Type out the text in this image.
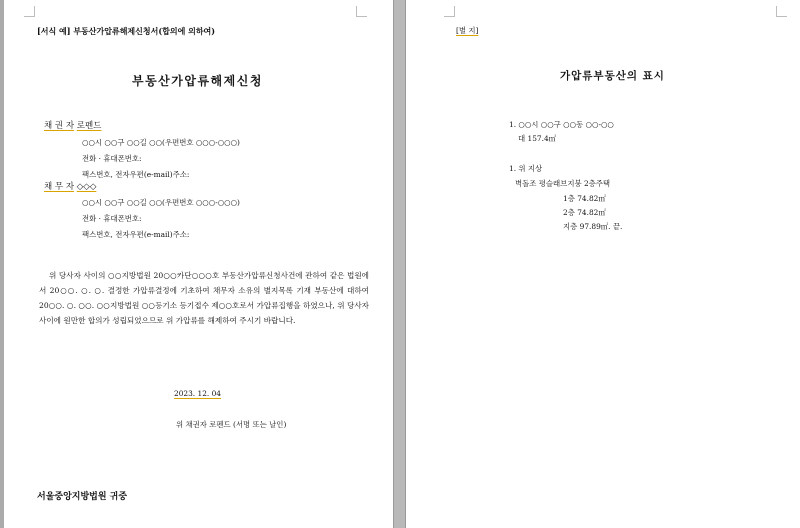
[서식 예] 부동산가압류해제신청서(합의에 의하여)
부동산가압류해제신청
채 권 자 로펜드
○○시 ○○구 ○○길 ○○(우편번호 ○○○-○○○)
전화 · 휴대폰번호:
팩스번호, 전자우편(e-mail)주소:
채 무 자 ◇◇◇
○○시 ○○구 ○○길 ○○(우편번호 ○○○-○○○)
전화 · 휴대폰번호:
팩스번호, 전자우편(e-mail)주소:
위 당사자 사이의 ○○지방법원 20○○카단○○○호 부동산가압류신청사건에 관하여 같은 법원에서 20○○. ○. ○. 결정한 가압류결정에 기초하여 채무자 소유의 별지목록 기재 부동산에 대하여 20○○. ○. ○○. ○○지방법원 ○○등기소 등기접수 제○○호로서 가압류집행을 하였으나, 위 당사자 사이에 원만한 합의가 성립되었으므로 위 가압류를 해제하여 주시기 바랍니다.
2023. 12. 04
위 채권자 로펜드 (서명 또는 날인)
서울중앙지방법원 귀중
[별 지]
가압류부동산의 표시
1. ○○시 ○○구 ○○동 ○○-○○
대 157.4㎡
1. 위 지상
벽돌조 평슬래브지붕 2층주택
1층 74.82㎡
2층 74.82㎡
지층 97.89㎡. 끝.
